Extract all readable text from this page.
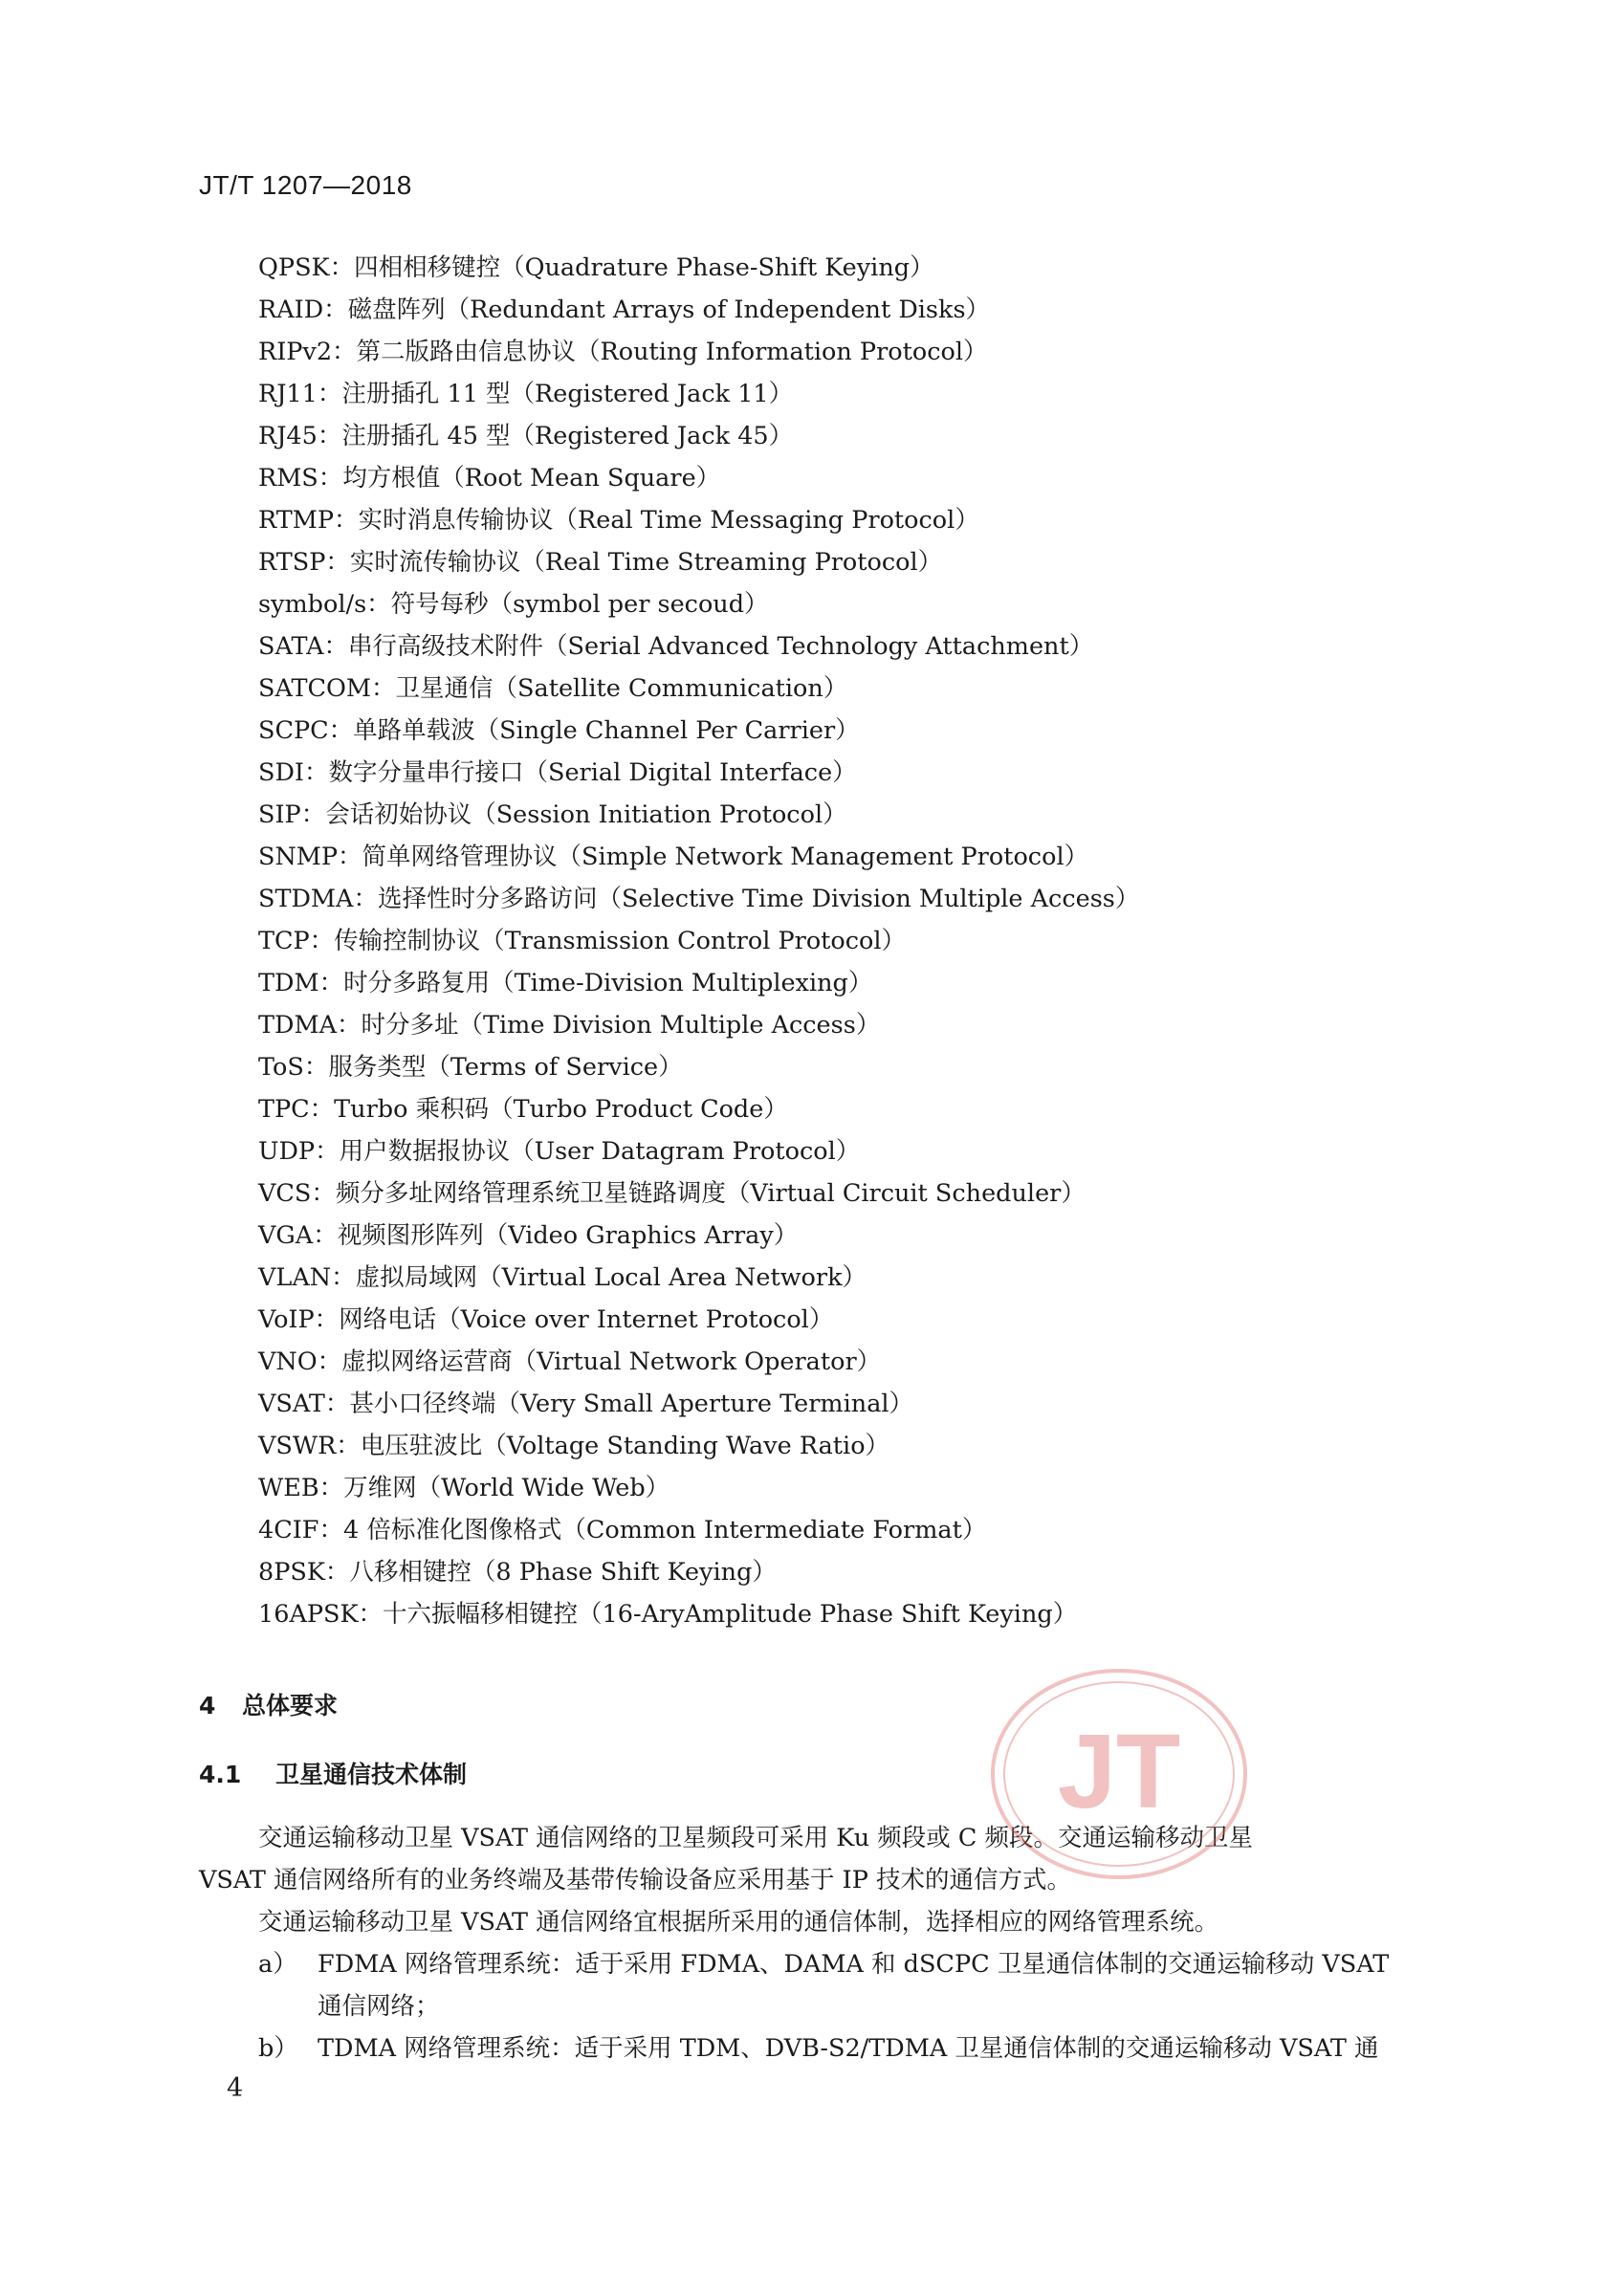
JT/T 1207—2018
QPSK：四相相移键控（Quadrature Phase-Shift Keying）
RAID：磁盘阵列（Redundant Arrays of Independent Disks）
RIPv2：第二版路由信息协议（Routing Information Protocol）
RJ11：注册插孔 11 型（Registered Jack 11）
RJ45：注册插孔 45 型（Registered Jack 45）
RMS：均方根值（Root Mean Square）
RTMP：实时消息传输协议（Real Time Messaging Protocol）
RTSP：实时流传输协议（Real Time Streaming Protocol）
symbol/s：符号每秒（symbol per secoud）
SATA：串行高级技术附件（Serial Advanced Technology Attachment）
SATCOM：卫星通信（Satellite Communication）
SCPC：单路单载波（Single Channel Per Carrier）
SDI：数字分量串行接口（Serial Digital Interface）
SIP：会话初始协议（Session Initiation Protocol）
SNMP：简单网络管理协议（Simple Network Management Protocol）
STDMA：选择性时分多路访问（Selective Time Division Multiple Access）
TCP：传输控制协议（Transmission Control Protocol）
TDM：时分多路复用（Time-Division Multiplexing）
TDMA：时分多址（Time Division Multiple Access）
ToS：服务类型（Terms of Service）
TPC：Turbo 乘积码（Turbo Product Code）
UDP：用户数据报协议（User Datagram Protocol）
VCS：频分多址网络管理系统卫星链路调度（Virtual Circuit Scheduler）
VGA：视频图形阵列（Video Graphics Array）
VLAN：虚拟局域网（Virtual Local Area Network）
VoIP：网络电话（Voice over Internet Protocol）
VNO：虚拟网络运营商（Virtual Network Operator）
VSAT：甚小口径终端（Very Small Aperture Terminal）
VSWR：电压驻波比（Voltage Standing Wave Ratio）
WEB：万维网（World Wide Web）
4CIF：4 倍标准化图像格式（Common Intermediate Format）
8PSK：八移相键控（8 Phase Shift Keying）
16APSK：十六振幅移相键控（16-AryAmplitude Phase Shift Keying）
4 总体要求
4.1 卫星通信技术体制
交通运输移动卫星 VSAT 通信网络的卫星频段可采用 Ku 频段或 C 频段。交通运输移动卫星
VSAT 通信网络所有的业务终端及基带传输设备应采用基于 IP 技术的通信方式。
交通运输移动卫星 VSAT 通信网络宜根据所采用的通信体制，选择相应的网络管理系统。
a） FDMA 网络管理系统：适于采用 FDMA、DAMA 和 dSCPC 卫星通信体制的交通运输移动 VSAT
通信网络；
b） TDMA 网络管理系统：适于采用 TDM、DVB-S2/TDMA 卫星通信体制的交通运输移动 VSAT 通
4
JT
